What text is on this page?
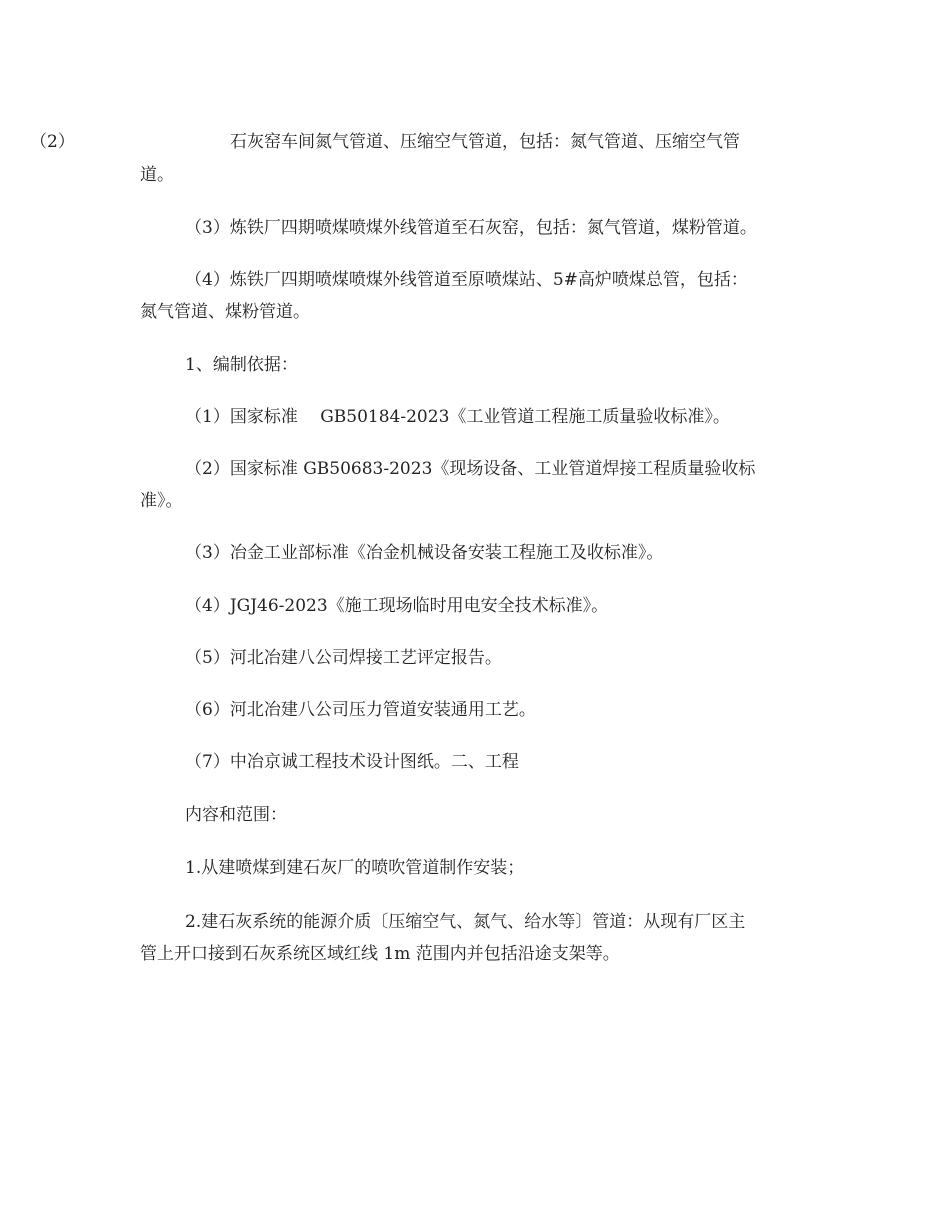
（2）	石灰窑车间氮气管道、压缩空气管道，包括：氮气管道、压缩空气管
道。
（3）炼铁厂四期喷煤喷煤外线管道至石灰窑，包括：氮气管道，煤粉管道。
（4）炼铁厂四期喷煤喷煤外线管道至原喷煤站、5#高炉喷煤总管，包括：
氮气管道、煤粉管道。
1、编制依据：
（1）国家标准　 GB50184-2023《工业管道工程施工质量验收标准》。
（2）国家标准 GB50683-2023《现场设备、工业管道焊接工程质量验收标
准》。
（3）冶金工业部标准《冶金机械设备安装工程施工及收标准》。
（4）JGJ46-2023《施工现场临时用电安全技术标准》。
（5）河北冶建八公司焊接工艺评定报告。
（6）河北冶建八公司压力管道安装通用工艺。
（7）中冶京诚工程技术设计图纸。二、工程
内容和范围：
1.从建喷煤到建石灰厂的喷吹管道制作安装；
2.建石灰系统的能源介质〔压缩空气、氮气、给水等〕管道：从现有厂区主
管上开口接到石灰系统区域红线 1m 范围内并包括沿途支架等。
